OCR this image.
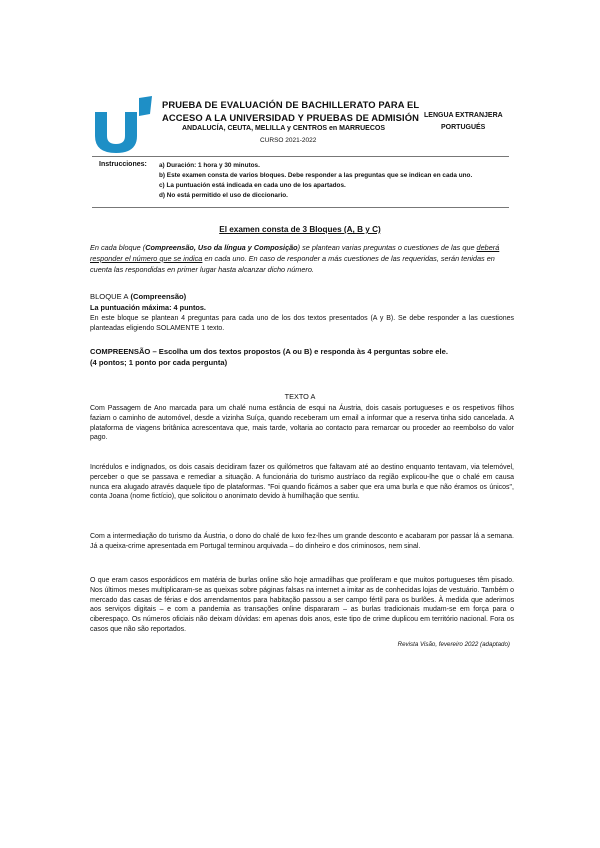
PRUEBA DE EVALUACIÓN DE BACHILLERATO PARA EL
ACCESO A LA UNIVERSIDAD Y PRUEBAS DE ADMISIÓN
ANDALUCÍA, CEUTA, MELILLA y CENTROS en MARRUECOS
CURSO 2021-2022
LENGUA EXTRANJERA
PORTUGUÉS
Instrucciones: a) Duración: 1 hora y 30 minutos.
b) Este examen consta de varios bloques. Debe responder a las preguntas que se indican en cada uno.
c) La puntuación está indicada en cada uno de los apartados.
d) No está permitido el uso de diccionario.
El examen consta de 3 Bloques (A, B y C)
En cada bloque (Compreensão, Uso da língua y Composição) se plantean varias preguntas o cuestiones de las que deberá responder el número que se indica en cada uno. En caso de responder a más cuestiones de las requeridas, serán tenidas en cuenta las respondidas en primer lugar hasta alcanzar dicho número.
BLOQUE A (Compreensão)
La puntuación máxima: 4 puntos.
En este bloque se plantean 4 preguntas para cada uno de los dos textos presentados (A y B). Se debe responder a las cuestiones planteadas eligiendo SOLAMENTE 1 texto.
COMPREENSÃO – Escolha um dos textos propostos (A ou B) e responda às 4 perguntas sobre ele.
(4 pontos; 1 ponto por cada pergunta)
TEXTO A
Com Passagem de Ano marcada para um chalé numa estância de esqui na Áustria, dois casais portugueses e os respetivos filhos faziam o caminho de automóvel, desde a vizinha Suíça, quando receberam um email a informar que a reserva tinha sido cancelada. A plataforma de viagens britânica acrescentava que, mais tarde, voltaria ao contacto para remarcar ou proceder ao reembolso do valor pago.
Incrédulos e indignados, os dois casais decidiram fazer os quilómetros que faltavam até ao destino enquanto tentavam, via telemóvel, perceber o que se passava e remediar a situação. A funcionária do turismo austríaco da região explicou-lhe que o chalé em causa nunca era alugado através daquele tipo de plataformas. "Foi quando ficámos a saber que era uma burla e que não éramos os únicos", conta Joana (nome fictício), que solicitou o anonimato devido à humilhação que sentiu.
Com a intermediação do turismo da Áustria, o dono do chalé de luxo fez-lhes um grande desconto e acabaram por passar lá a semana. Já a queixa-crime apresentada em Portugal terminou arquivada – do dinheiro e dos criminosos, nem sinal.
O que eram casos esporádicos em matéria de burlas online são hoje armadilhas que proliferam e que muitos portugueses têm pisado. Nos últimos meses multiplicaram-se as queixas sobre páginas falsas na internet a imitar as de conhecidas lojas de vestuário. Também o mercado das casas de férias e dos arrendamentos para habitação passou a ser campo fértil para os burlões. À medida que aderimos aos serviços digitais – e com a pandemia as transações online dispararam – as burlas tradicionais mudam-se em força para o ciberespaço. Os números oficiais não deixam dúvidas: em apenas dois anos, este tipo de crime duplicou em território nacional. Fora os casos que não são reportados.
Revista Visão, fevereiro 2022 (adaptado)
